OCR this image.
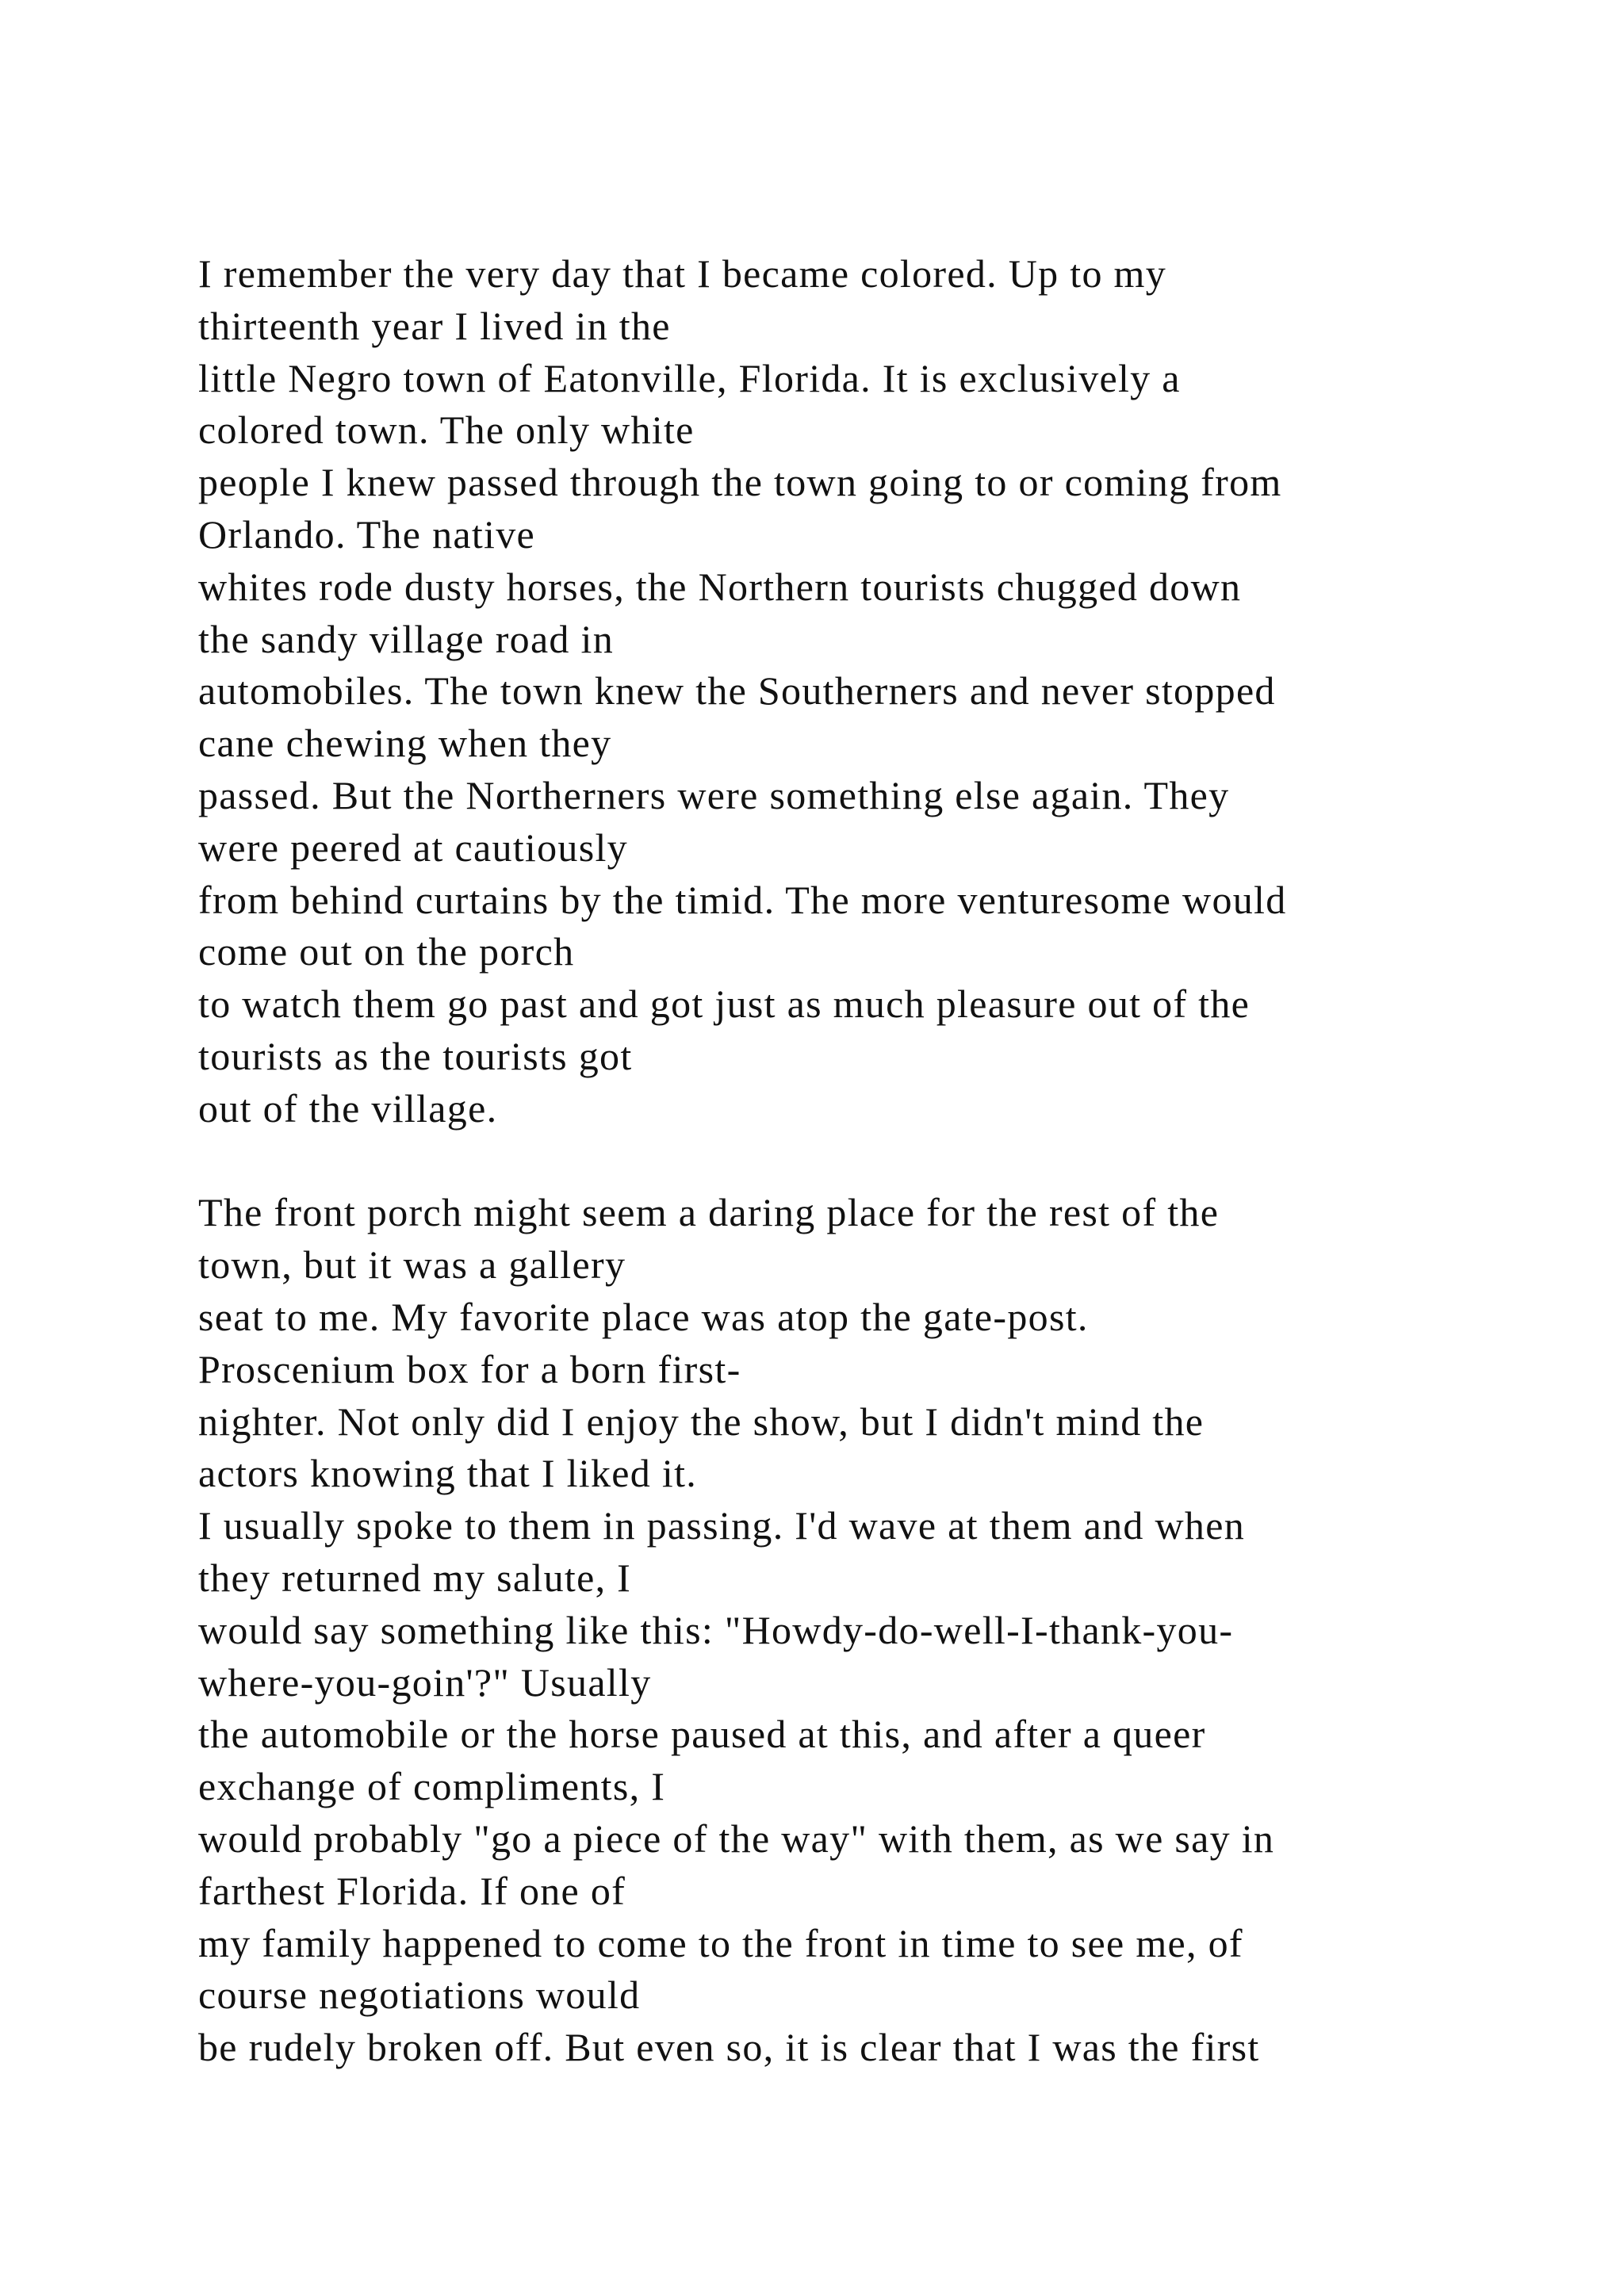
I remember the very day that I became colored. Up to my
thirteenth year I lived in the
little Negro town of Eatonville, Florida. It is exclusively a
colored town. The only white
people I knew passed through the town going to or coming from
Orlando. The native
whites rode dusty horses, the Northern tourists chugged down
the sandy village road in
automobiles. The town knew the Southerners and never stopped
cane chewing when they
passed. But the Northerners were something else again. They
were peered at cautiously
from behind curtains by the timid. The more venturesome would
come out on the porch
to watch them go past and got just as much pleasure out of the
tourists as the tourists got
out of the village.
The front porch might seem a daring place for the rest of the
town, but it was a gallery
seat to me. My favorite place was atop the gate-post.
Proscenium box for a born first-
nighter. Not only did I enjoy the show, but I didn't mind the
actors knowing that I liked it.
I usually spoke to them in passing. I'd wave at them and when
they returned my salute, I
would say something like this: "Howdy-do-well-I-thank-you-
where-you-goin'?" Usually
the automobile or the horse paused at this, and after a queer
exchange of compliments, I
would probably "go a piece of the way" with them, as we say in
farthest Florida. If one of
my family happened to come to the front in time to see me, of
course negotiations would
be rudely broken off. But even so, it is clear that I was the first
